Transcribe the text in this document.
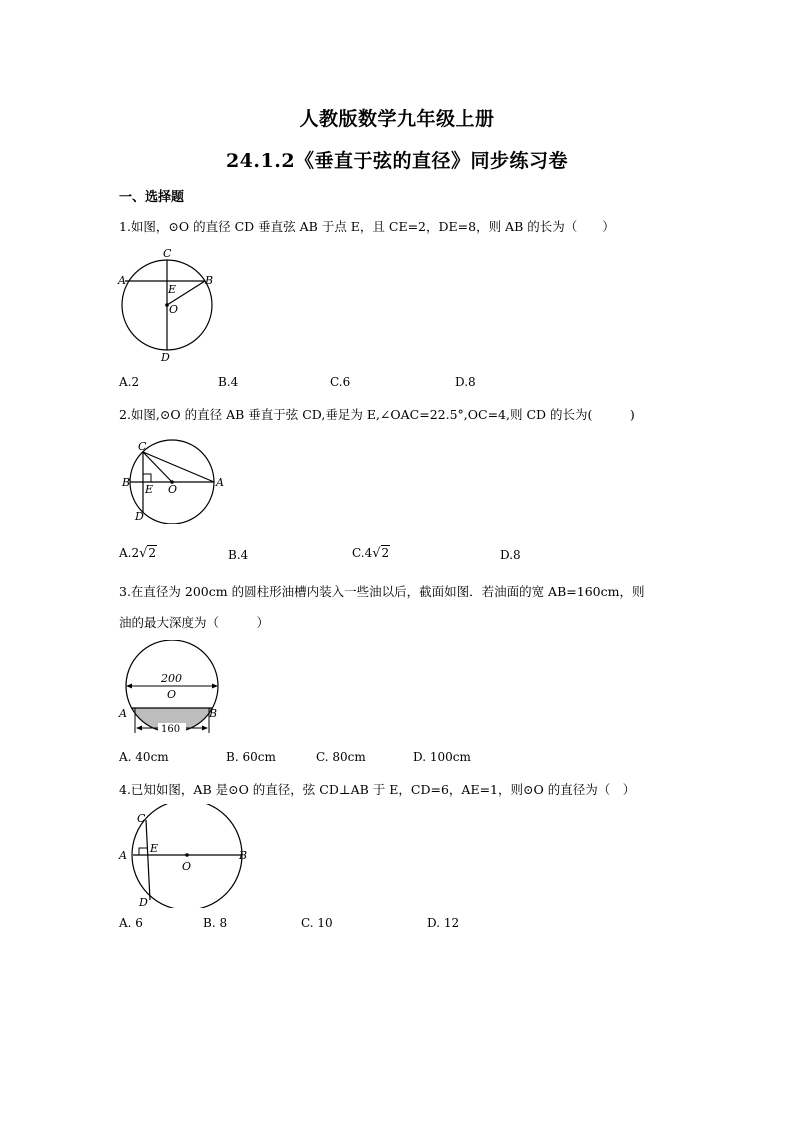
人教版数学九年级上册
24.1.2《垂直于弦的直径》同步练习卷
一、选择题
1.如图，⊙O 的直径 CD 垂直弦 AB 于点 E，且 CE=2，DE=8，则 AB 的长为（　　）
A	B
C
D
E
O
A.2	B.4	C.6	D.8
2.如图,⊙O 的直径 AB 垂直于弦 CD,垂足为 E,∠OAC=22.5°,OC=4,则 CD 的长为(　　　)
C
B
E O
A
D
A.2√2	B.4	C.4√2	D.8
3.在直径为 200cm 的圆柱形油槽内装入一些油以后，截面如图．若油面的宽 AB=160cm，则
油的最大深度为（　　　）
200
O
A	B
160
A. 40cm	B. 60cm	C. 80cm	D. 100cm
4.已知如图，AB 是⊙O 的直径，弦 CD⊥AB 于 E，CD=6，AE=1，则⊙O 的直径为（　）
C
A
E
O
B
D
A. 6	B. 8	C. 10	D. 12
